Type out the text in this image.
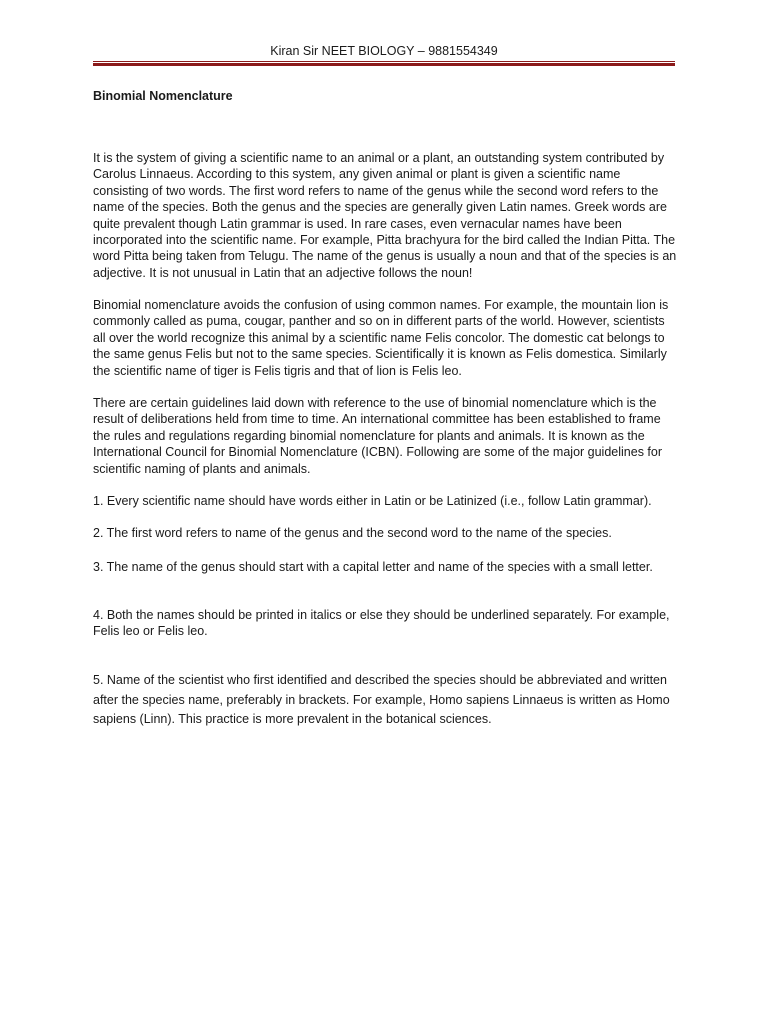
Kiran Sir NEET BIOLOGY – 9881554349
Binomial Nomenclature

It is the system of giving a scientific name to an animal or a plant, an outstanding system contributed by Carolus Linnaeus. According to this system, any given animal or plant is given a scientific name consisting of two words. The first word refers to name of the genus while the second word refers to the name of the species. Both the genus and the species are generally given Latin names. Greek words are quite prevalent though Latin grammar is used. In rare cases, even vernacular names have been incorporated into the scientific name. For example, Pitta brachyura for the bird called the Indian Pitta. The word Pitta being taken from Telugu. The name of the genus is usually a noun and that of the species is an adjective. It is not unusual in Latin that an adjective follows the noun!

Binomial nomenclature avoids the confusion of using common names. For example, the mountain lion is commonly called as puma, cougar, panther and so on in different parts of the world. However, scientists all over the world recognize this animal by a scientific name Felis concolor. The domestic cat belongs to the same genus Felis but not to the same species. Scientifically it is known as Felis domestica. Similarly the scientific name of tiger is Felis tigris and that of lion is Felis leo.

There are certain guidelines laid down with reference to the use of binomial nomenclature which is the result of deliberations held from time to time. An international committee has been established to frame the rules and regulations regarding binomial nomenclature for plants and animals. It is known as the International Council for Binomial Nomenclature (ICBN). Following are some of the major guidelines for scientific naming of plants and animals.

1. Every scientific name should have words either in Latin or be Latinized (i.e., follow Latin grammar).

2. The first word refers to name of the genus and the second word to the name of the species.

3. The name of the genus should start with a capital letter and name of the species with a small letter.

4. Both the names should be printed in italics or else they should be underlined separately. For example, Felis leo or Felis leo.

5. Name of the scientist who first identified and described the species should be abbreviated and written after the species name, preferably in brackets. For example, Homo sapiens Linnaeus is written as Homo sapiens (Linn). This practice is more prevalent in the botanical sciences.
